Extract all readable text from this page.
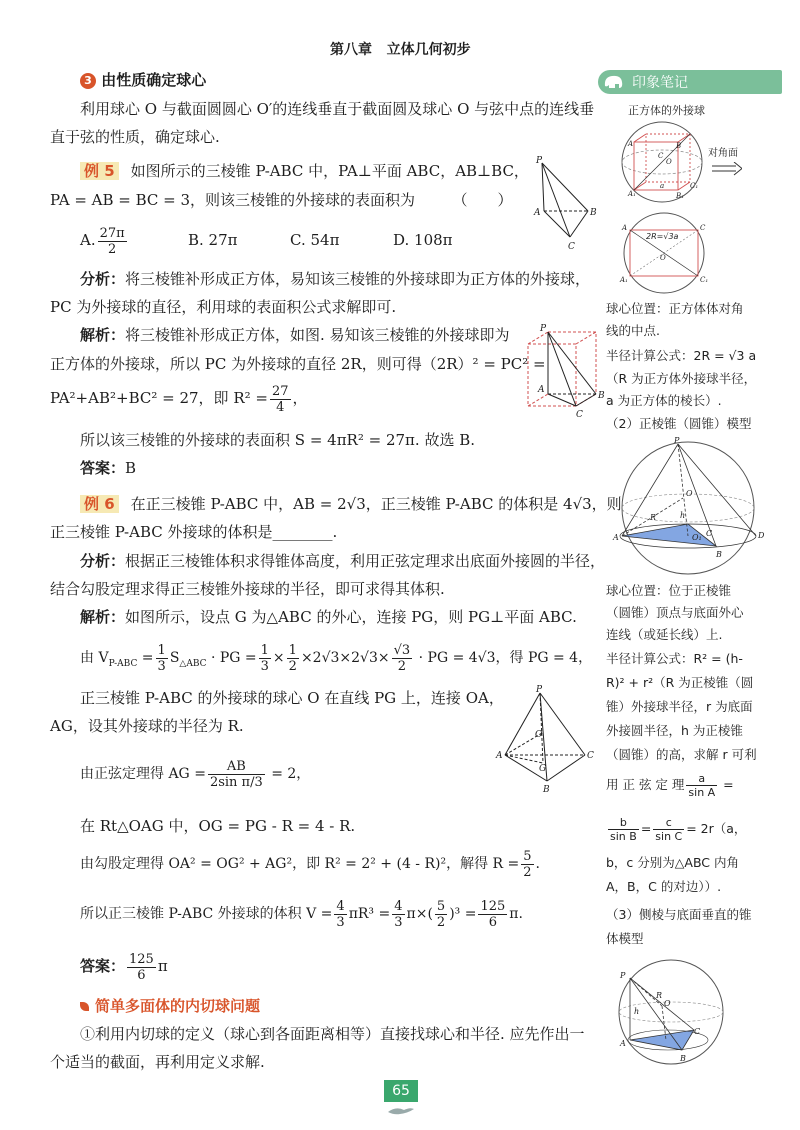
第八章 立体几何初步
3 由性质确定球心
利用球心 O 与截面圆圆心 O′的连线垂直于截面圆及球心 O 与弦中点的连线垂
直于弦的性质，确定球心.
例 5 如图所示的三棱锥 P-ABC 中，PA⊥平面 ABC，AB⊥BC，
PA = AB = BC = 3，则该三棱锥的外接球的表面积为　　　（　　）
A. $\frac{27\pi}{2}$	B. 27π	C. 54π	D. 108π
P
A	B
C
分析：将三棱锥补形成正方体，易知该三棱锥的外接球即为正方体的外接球，
PC 为外接球的直径，利用球的表面积公式求解即可.
解析：将三棱锥补形成正方体，如图. 易知该三棱锥的外接球即为
正方体的外接球，所以 PC 为外接球的直径 2R，则可得（2R）² = PC² =
PA²+AB²+BC² = 27，即 $R^2 = \frac{27}{4}$ ，
所以该三棱锥的外接球的表面积 S = 4πR² = 27π. 故选 B.
答案：B
P
A
B
C
例 6 在正三棱锥 P-ABC 中，AB = 2√3，正三棱锥 P-ABC 的体积是 4√3，则
正三棱锥 P-ABC 外接球的体积是________.
分析：根据正三棱锥体积求得锥体高度，利用正弦定理求出底面外接圆的半径，
结合勾股定理求得正三棱锥外接球的半径，即可求得其体积.
解析：如图所示，设点 G 为△ABC 的外心，连接 PG，则 PG⊥平面 ABC.
由 $V_{P-ABC} = \frac{1}{3} S_{\triangle ABC}$ · PG = $\frac{1}{3} \times \frac{1}{2} \times 2√3\times 2√3\times \frac{√3}{2}$ · PG = 4√3，得 PG = 4，
正三棱锥 P-ABC 的外接球的球心 O 在直线 PG 上，连接 OA，
AG，设其外接球的半径为 R.
P
A	C
B
O
G
由正弦定理得 AG = $\frac{AB}{\text{2sin π/3}} = 2$，
在 Rt△OAG 中，OG = PG - R = 4 - R.
由勾股定理得 OA² = OG² + AG²，即 R² = 2² + (4 - R)²，解得 $R = \frac{5}{2}$ .
所以正三棱锥 P-ABC 外接球的体积 $V = \frac{4}{3} \pi R^3 = \frac{4}{3} \pi\times( \frac{5}{2} )^3 = \frac{125}{6} \pi$.
答案： $\frac{125}{6}$ π
简单多面体的内切球问题
①利用内切球的定义（球心到各面距离相等）直接找球心和半径. 应先作出一
个适当的截面，再利用定义求解.
65
印象笔记
正方体的外接球
A	B
C
O
A₁	B₁
C₁
a
对角面
A	C
A₁	C₁
O
2R=√3a
球心位置：正方体体对角
线的中点.
半径计算公式：2R = √3 a
（R 为正方体外接球半径，
a 为正方体的棱长）.
（2）正棱锥（圆锥）模型
P
A
B
C	D
O
h
R
O₁
球心位置：位于正棱锥
（圆锥）顶点与底面外心
连线（或延长线）上.
半径计算公式：R² = (h-
R)² + r²（R 为正棱锥（圆
锥）外接球半径，r 为底面
外接圆半径，h 为正棱锥
（圆锥）的高，求解 r 可利
用 正 弦 定 理 $\frac{a}{\text{sin A}}$ =
$\frac{b}{\text{sin B}} = \frac{c}{\text{sin C}} = 2r(a$，
b，c 分别为△ABC 内角
A，B，C 的对边））.
（3）侧棱与底面垂直的锥
体模型
P
A
C
B
h
R
O
